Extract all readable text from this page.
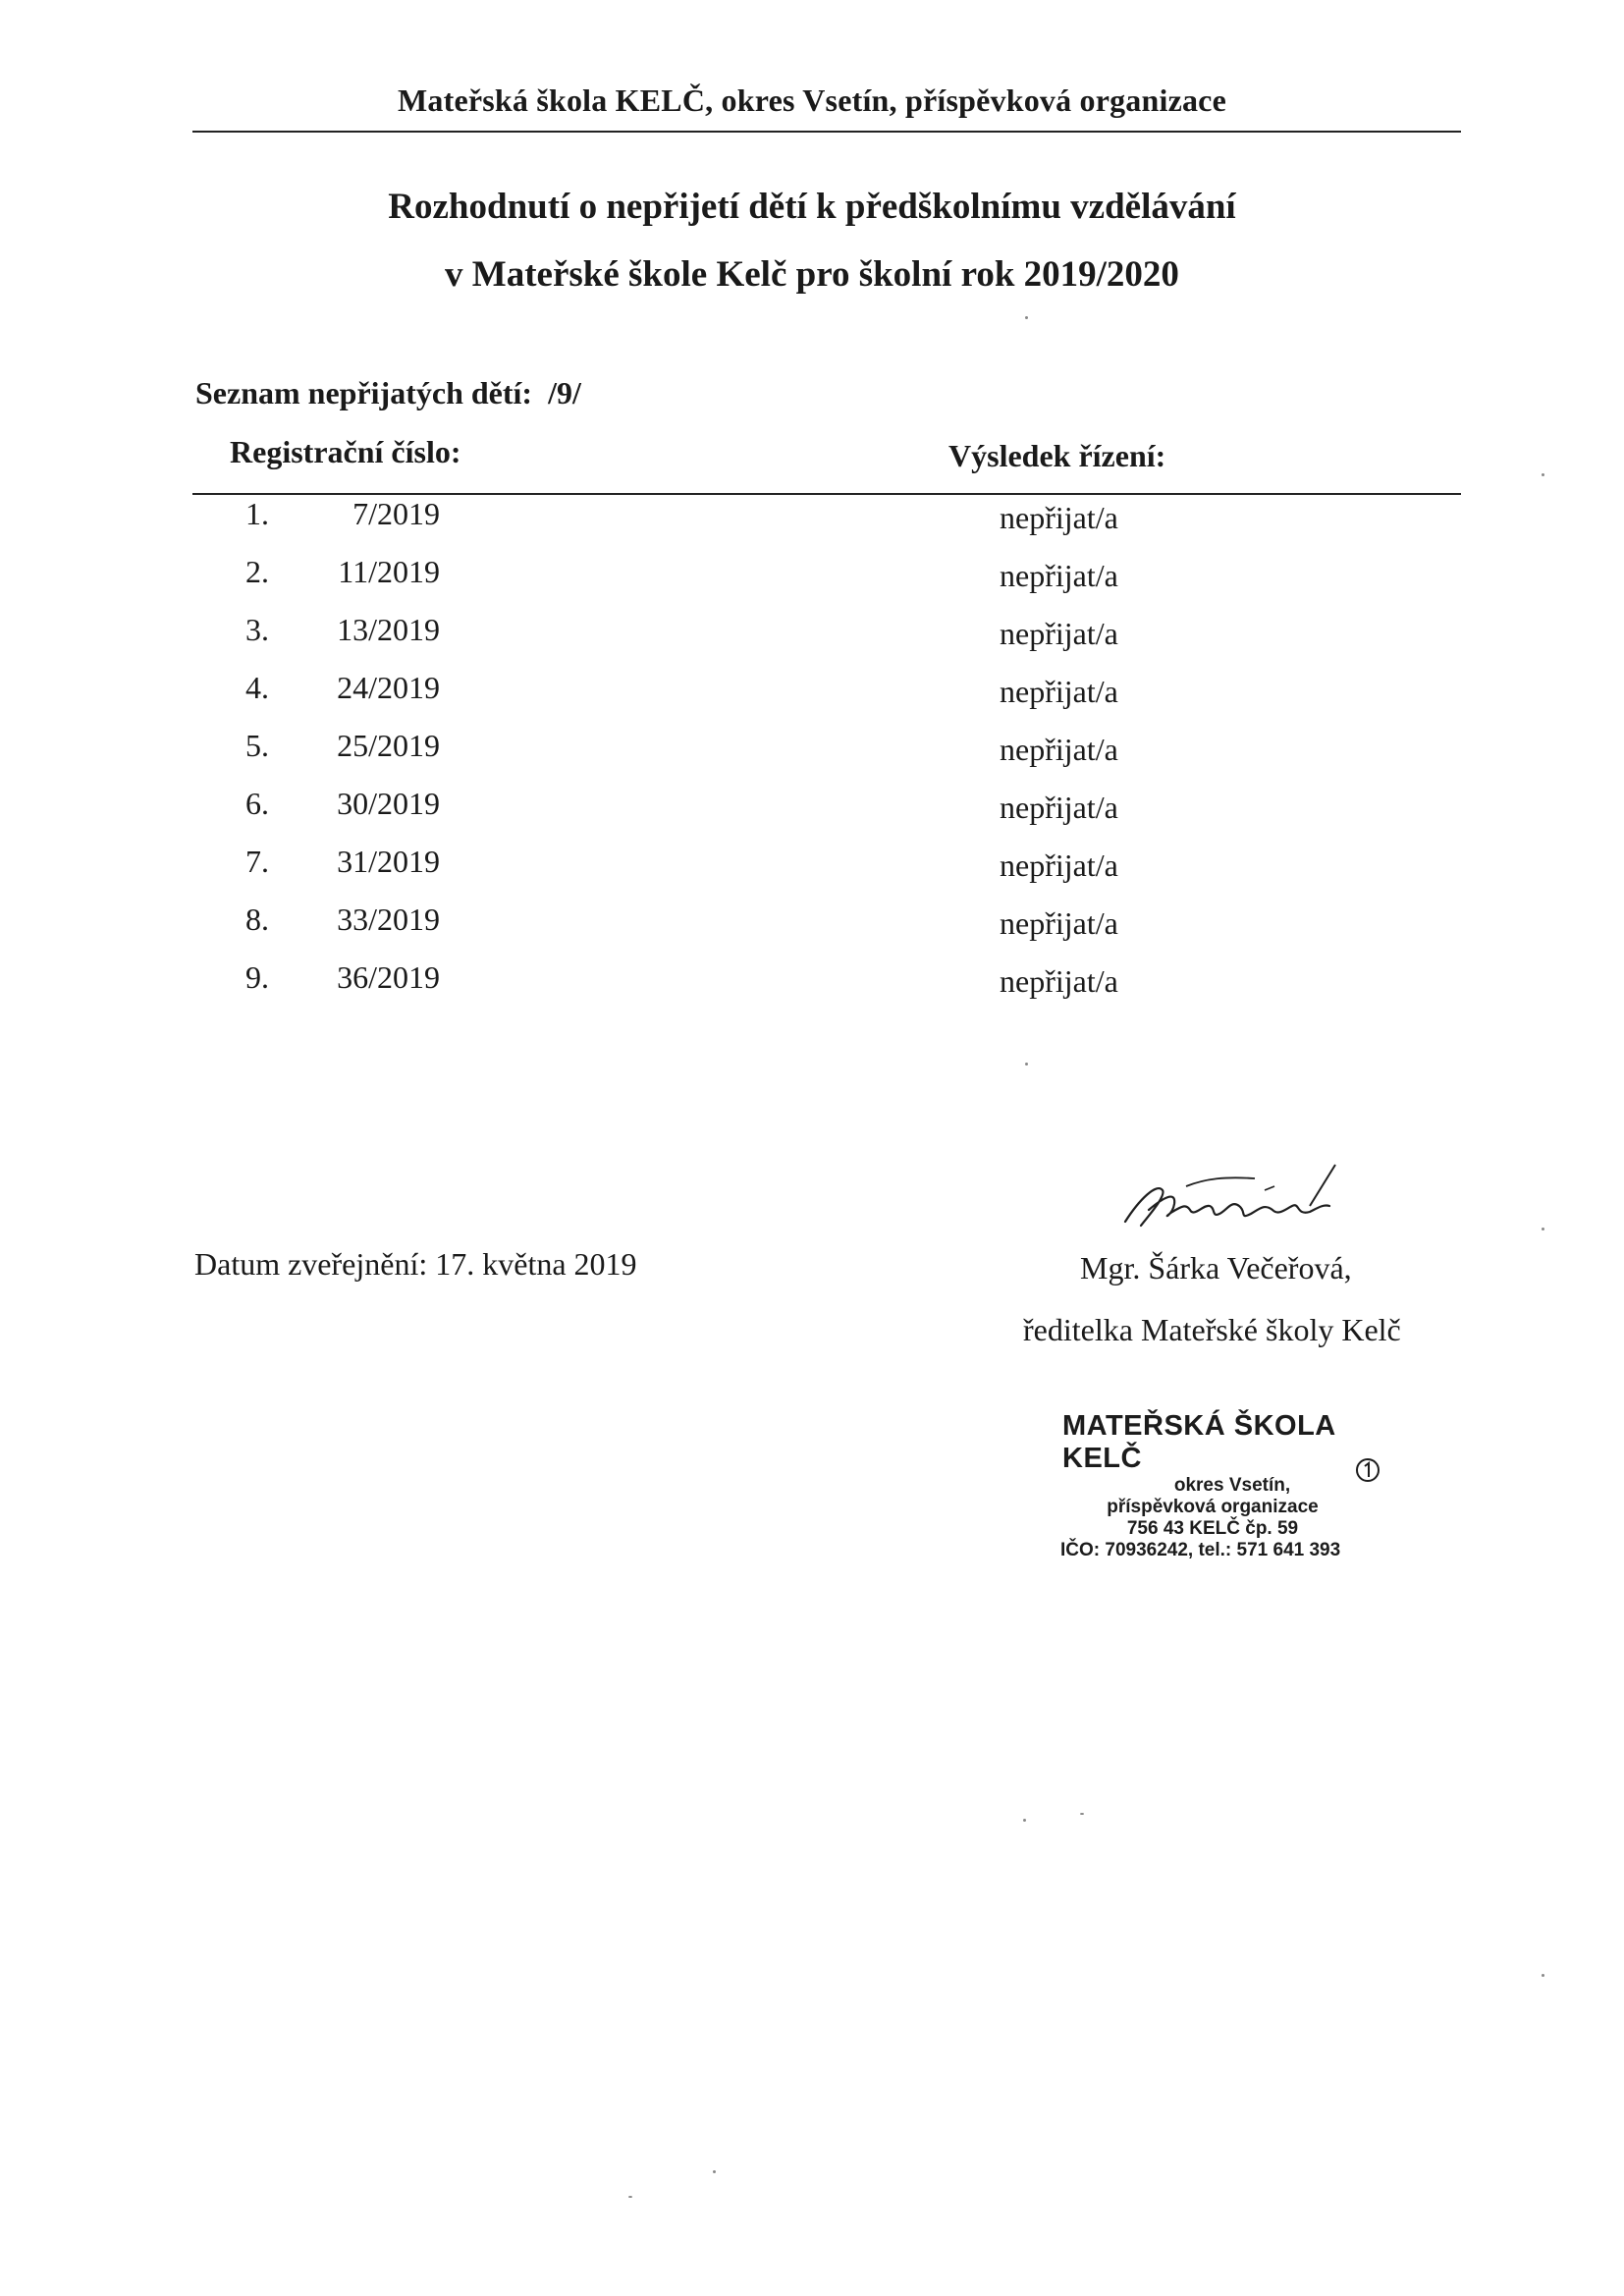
Mateřská škola KELČ, okres Vsetín, příspěvková organizace
Rozhodnutí o nepřijetí dětí k předškolnímu vzdělávání
v Mateřské škole Kelč pro školní rok 2019/2020
Seznam nepřijatých dětí:  /9/
Registrační číslo:	Výsledek řízení:
1.	7/2019	nepřijat/a
2.	11/2019	nepřijat/a
3.	13/2019	nepřijat/a
4.	24/2019	nepřijat/a
5.	25/2019	nepřijat/a
6.	30/2019	nepřijat/a
7.	31/2019	nepřijat/a
8.	33/2019	nepřijat/a
9.	36/2019	nepřijat/a
Datum zveřejnění: 17. května 2019	Mgr. Šárka Večeřová,
ředitelka Mateřské školy Kelč
MATEŘSKÁ ŠKOLA KELČ
okres Vsetín,
příspěvková organizace
756 43 KELČ čp. 59
IČO: 70936242, tel.: 571 641 393
